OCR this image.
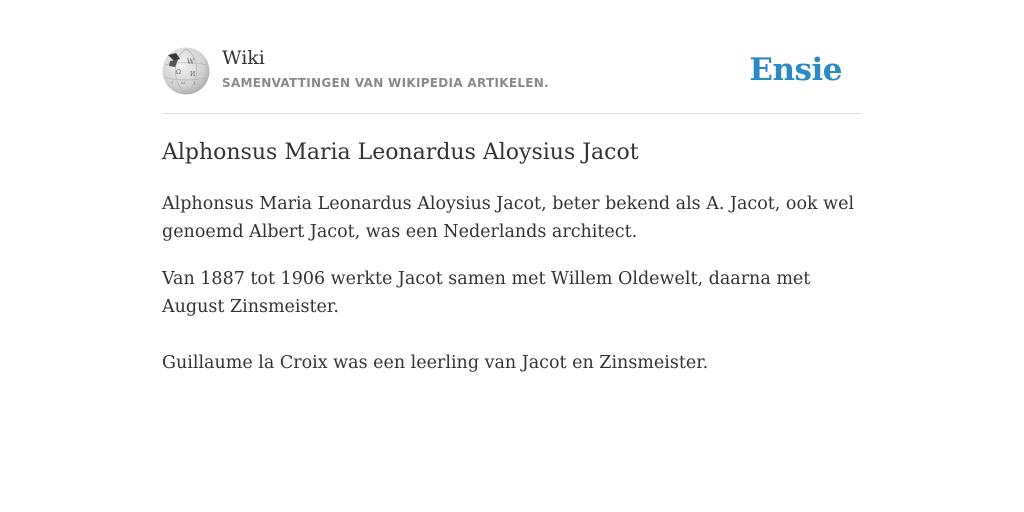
W
Ω И
ω ϊ
ر
Wiki
SAMENVATTINGEN VAN WIKIPEDIA ARTIKELEN.	Ensie
Alphonsus Maria Leonardus Aloysius Jacot

Alphonsus Maria Leonardus Aloysius Jacot, beter bekend als A. Jacot, ook wel genoemd Albert Jacot, was een Nederlands architect.

Van 1887 tot 1906 werkte Jacot samen met Willem Oldewelt, daarna met August Zinsmeister.

Guillaume la Croix was een leerling van Jacot en Zinsmeister.
